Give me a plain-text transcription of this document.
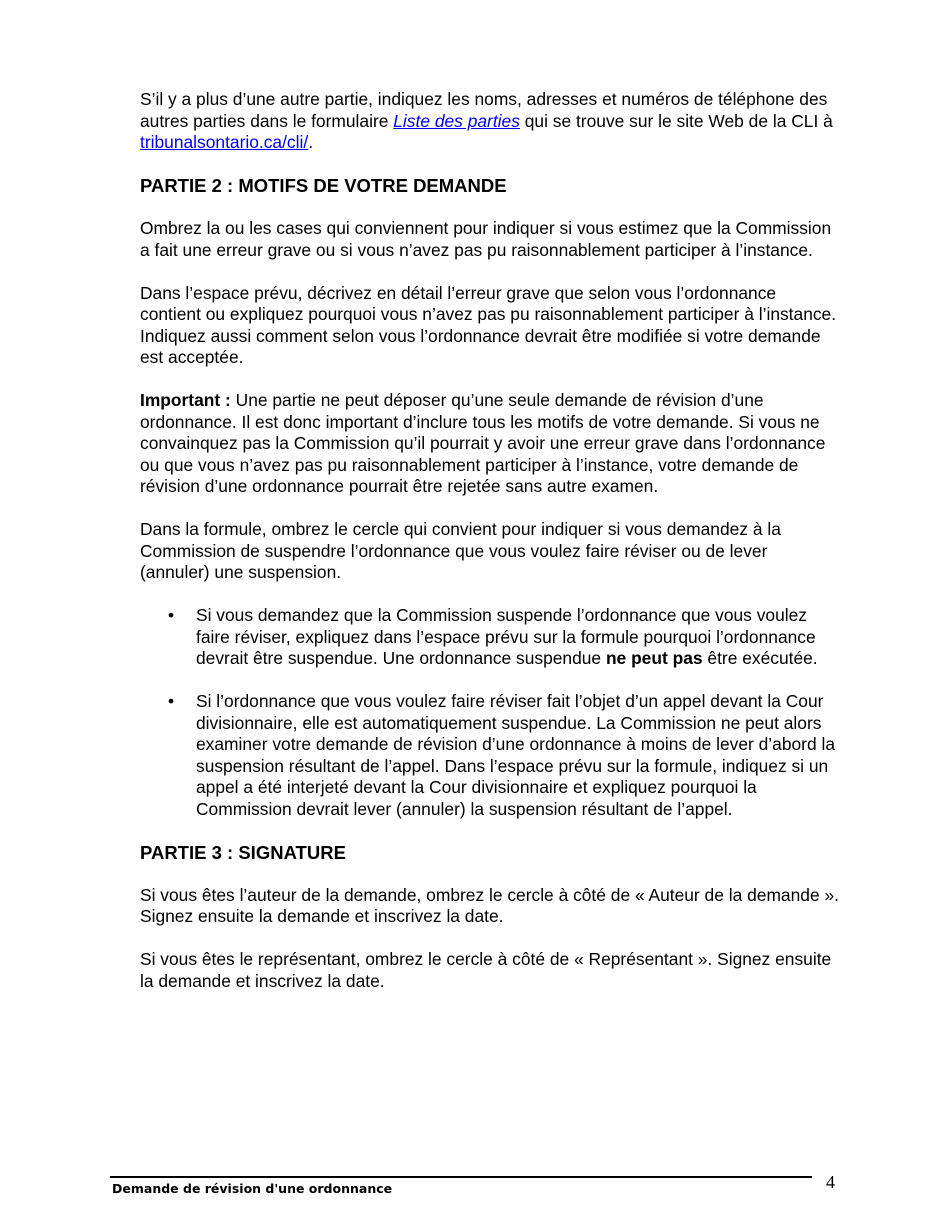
S’il y a plus d’une autre partie, indiquez les noms, adresses et numéros de téléphone des autres parties dans le formulaire Liste des parties qui se trouve sur le site Web de la CLI à tribunalsontario.ca/cli/.

PARTIE 2 : MOTIFS DE VOTRE DEMANDE

Ombrez la ou les cases qui conviennent pour indiquer si vous estimez que la Commission a fait une erreur grave ou si vous n’avez pas pu raisonnablement participer à l’instance.

Dans l’espace prévu, décrivez en détail l’erreur grave que selon vous l’ordonnance contient ou expliquez pourquoi vous n’avez pas pu raisonnablement participer à l’instance. Indiquez aussi comment selon vous l’ordonnance devrait être modifiée si votre demande est acceptée.

Important : Une partie ne peut déposer qu’une seule demande de révision d’une ordonnance. Il est donc important d’inclure tous les motifs de votre demande. Si vous ne convainquez pas la Commission qu’il pourrait y avoir une erreur grave dans l’ordonnance ou que vous n’avez pas pu raisonnablement participer à l’instance, votre demande de révision d’une ordonnance pourrait être rejetée sans autre examen.

Dans la formule, ombrez le cercle qui convient pour indiquer si vous demandez à la Commission de suspendre l’ordonnance que vous voulez faire réviser ou de lever (annuler) une suspension.

• Si vous demandez que la Commission suspende l’ordonnance que vous voulez faire réviser, expliquez dans l’espace prévu sur la formule pourquoi l’ordonnance devrait être suspendue. Une ordonnance suspendue ne peut pas être exécutée.
• Si l’ordonnance que vous voulez faire réviser fait l’objet d’un appel devant la Cour divisionnaire, elle est automatiquement suspendue. La Commission ne peut alors examiner votre demande de révision d’une ordonnance à moins de lever d’abord la suspension résultant de l’appel. Dans l’espace prévu sur la formule, indiquez si un appel a été interjeté devant la Cour divisionnaire et expliquez pourquoi la Commission devrait lever (annuler) la suspension résultant de l’appel.
PARTIE 3 : SIGNATURE

Si vous êtes l’auteur de la demande, ombrez le cercle à côté de « Auteur de la demande ». Signez ensuite la demande et inscrivez la date.

Si vous êtes le représentant, ombrez le cercle à côté de « Représentant ». Signez ensuite la demande et inscrivez la date.

Demande de révision d'une ordonnance	4
